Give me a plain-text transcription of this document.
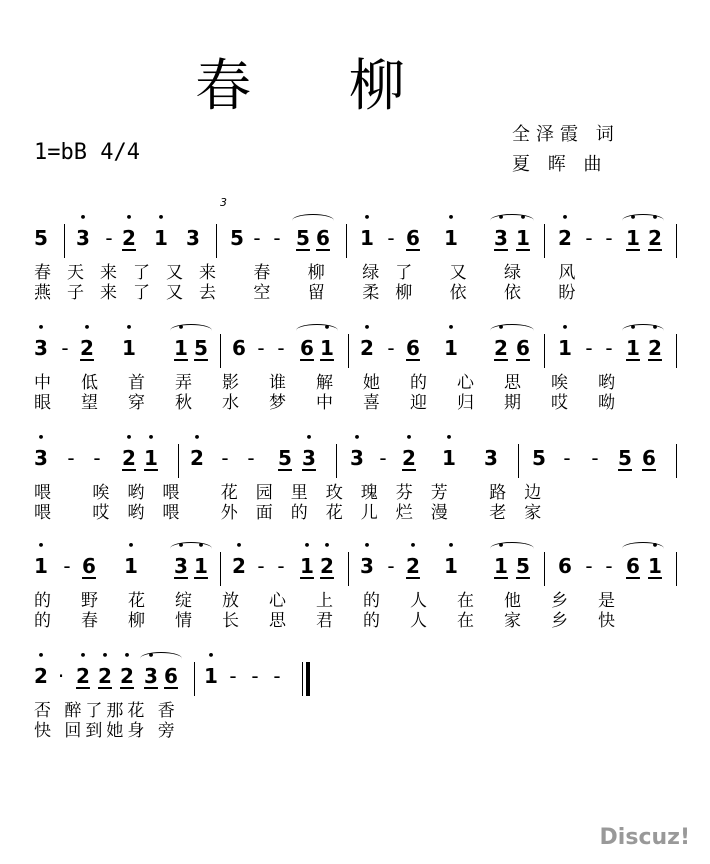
春 柳
1=bB 4/4
全泽霞 词
夏 晖 曲
5 • 3 - • 2 • 1 3
3
5 - - 5 6 • 1 - 6 • 1 • 3 • 1 • 2 - - • 1 • 2
春天来了又来 春 柳 绿了 又 绿 风
燕子来了又去 空 留 柔柳 依 依 盼
• 3 - • 2 • 1 • 1 5 6 - - 6 • 1 • 2 - 6 • 1 • 2 6 • 1 - - • 1 • 2
中低首弄影谁解她的心思唉哟
眼望穿秋水梦中喜迎归期哎呦
• 3 - -	• 2 • 1 • 2 - -	5 • 3 • 3 - • 2 • 1 3 5 -	- 5 6
喂 唉哟喂 花园里玫瑰芬芳 路边
喂 哎哟喂 外面的花儿烂漫 老家
• 1 - 6 • 1 • 3 • 1 • 2 - - • 1 • 2 • 3 - • 2 • 1 • 1 5 6 - - 6 • 1
的野花绽放心上的人在他乡是
的春柳情长思君的人在家乡快
• 2 · • 2 • 2 • 2 • 3 6 • 1 - - -
否 醉了那花 香
快 回到她身 旁
Discuz!
